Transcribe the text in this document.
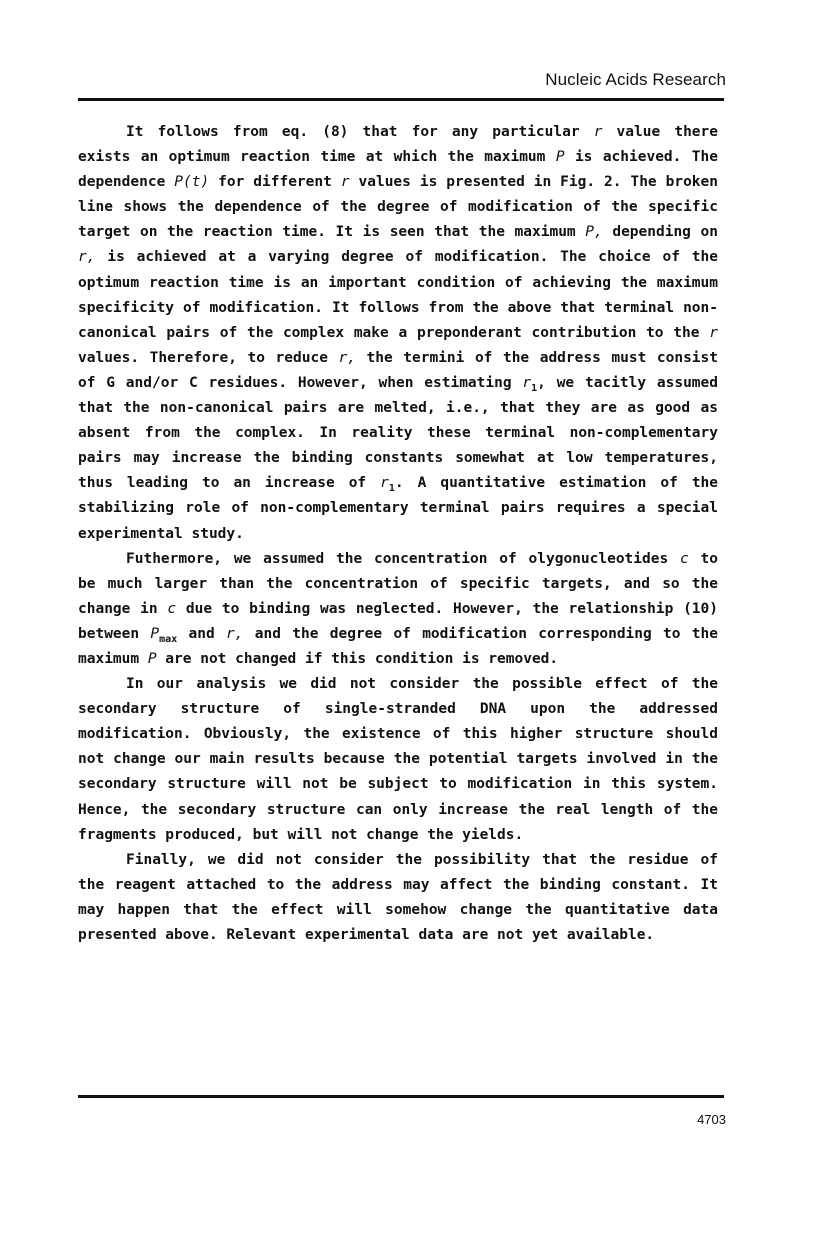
Nucleic Acids Research

It follows from eq. (8) that for any particular r value there exists an optimum reaction time at which the maximum P is achieved. The dependence P(t) for different r values is presented in Fig. 2. The broken line shows the dependence of the degree of modification of the specific target on the reaction time. It is seen that the maximum P, depending on r, is achieved at a varying degree of modification. The choice of the optimum reaction time is an important condition of achieving the maximum specificity of modification. It follows from the above that terminal non-canonical pairs of the complex make a preponderant contribution to the r values. Therefore, to reduce r, the termini of the address must consist of G and/or C residues. However, when estimating $r_1$, we tacitly assumed that the non-canonical pairs are melted, i.e., that they are as good as absent from the complex. In reality these terminal non-complementary pairs may increase the binding constants somewhat at low temperatures, thus leading to an increase of $r_1$. A quantitative estimation of the stabilizing role of non-complementary terminal pairs requires a special experimental study.

Futhermore, we assumed the concentration of olygonucleotides c to be much larger than the concentration of specific targets, and so the change in c due to binding was neglected. However, the relationship (10) between $P_{max}$ and r, and the degree of modification corresponding to the maximum P are not changed if this condition is removed.

In our analysis we did not consider the possible effect of the secondary structure of single-stranded DNA upon the addressed modification. Obviously, the existence of this higher structure should not change our main results because the potential targets involved in the secondary structure will not be subject to modification in this system. Hence, the secondary structure can only increase the real length of the fragments produced, but will not change the yields.

Finally, we did not consider the possibility that the residue of the reagent attached to the address may affect the binding constant. It may happen that the effect will somehow change the quantitative data presented above. Relevant experimental data are not yet available.

4703
